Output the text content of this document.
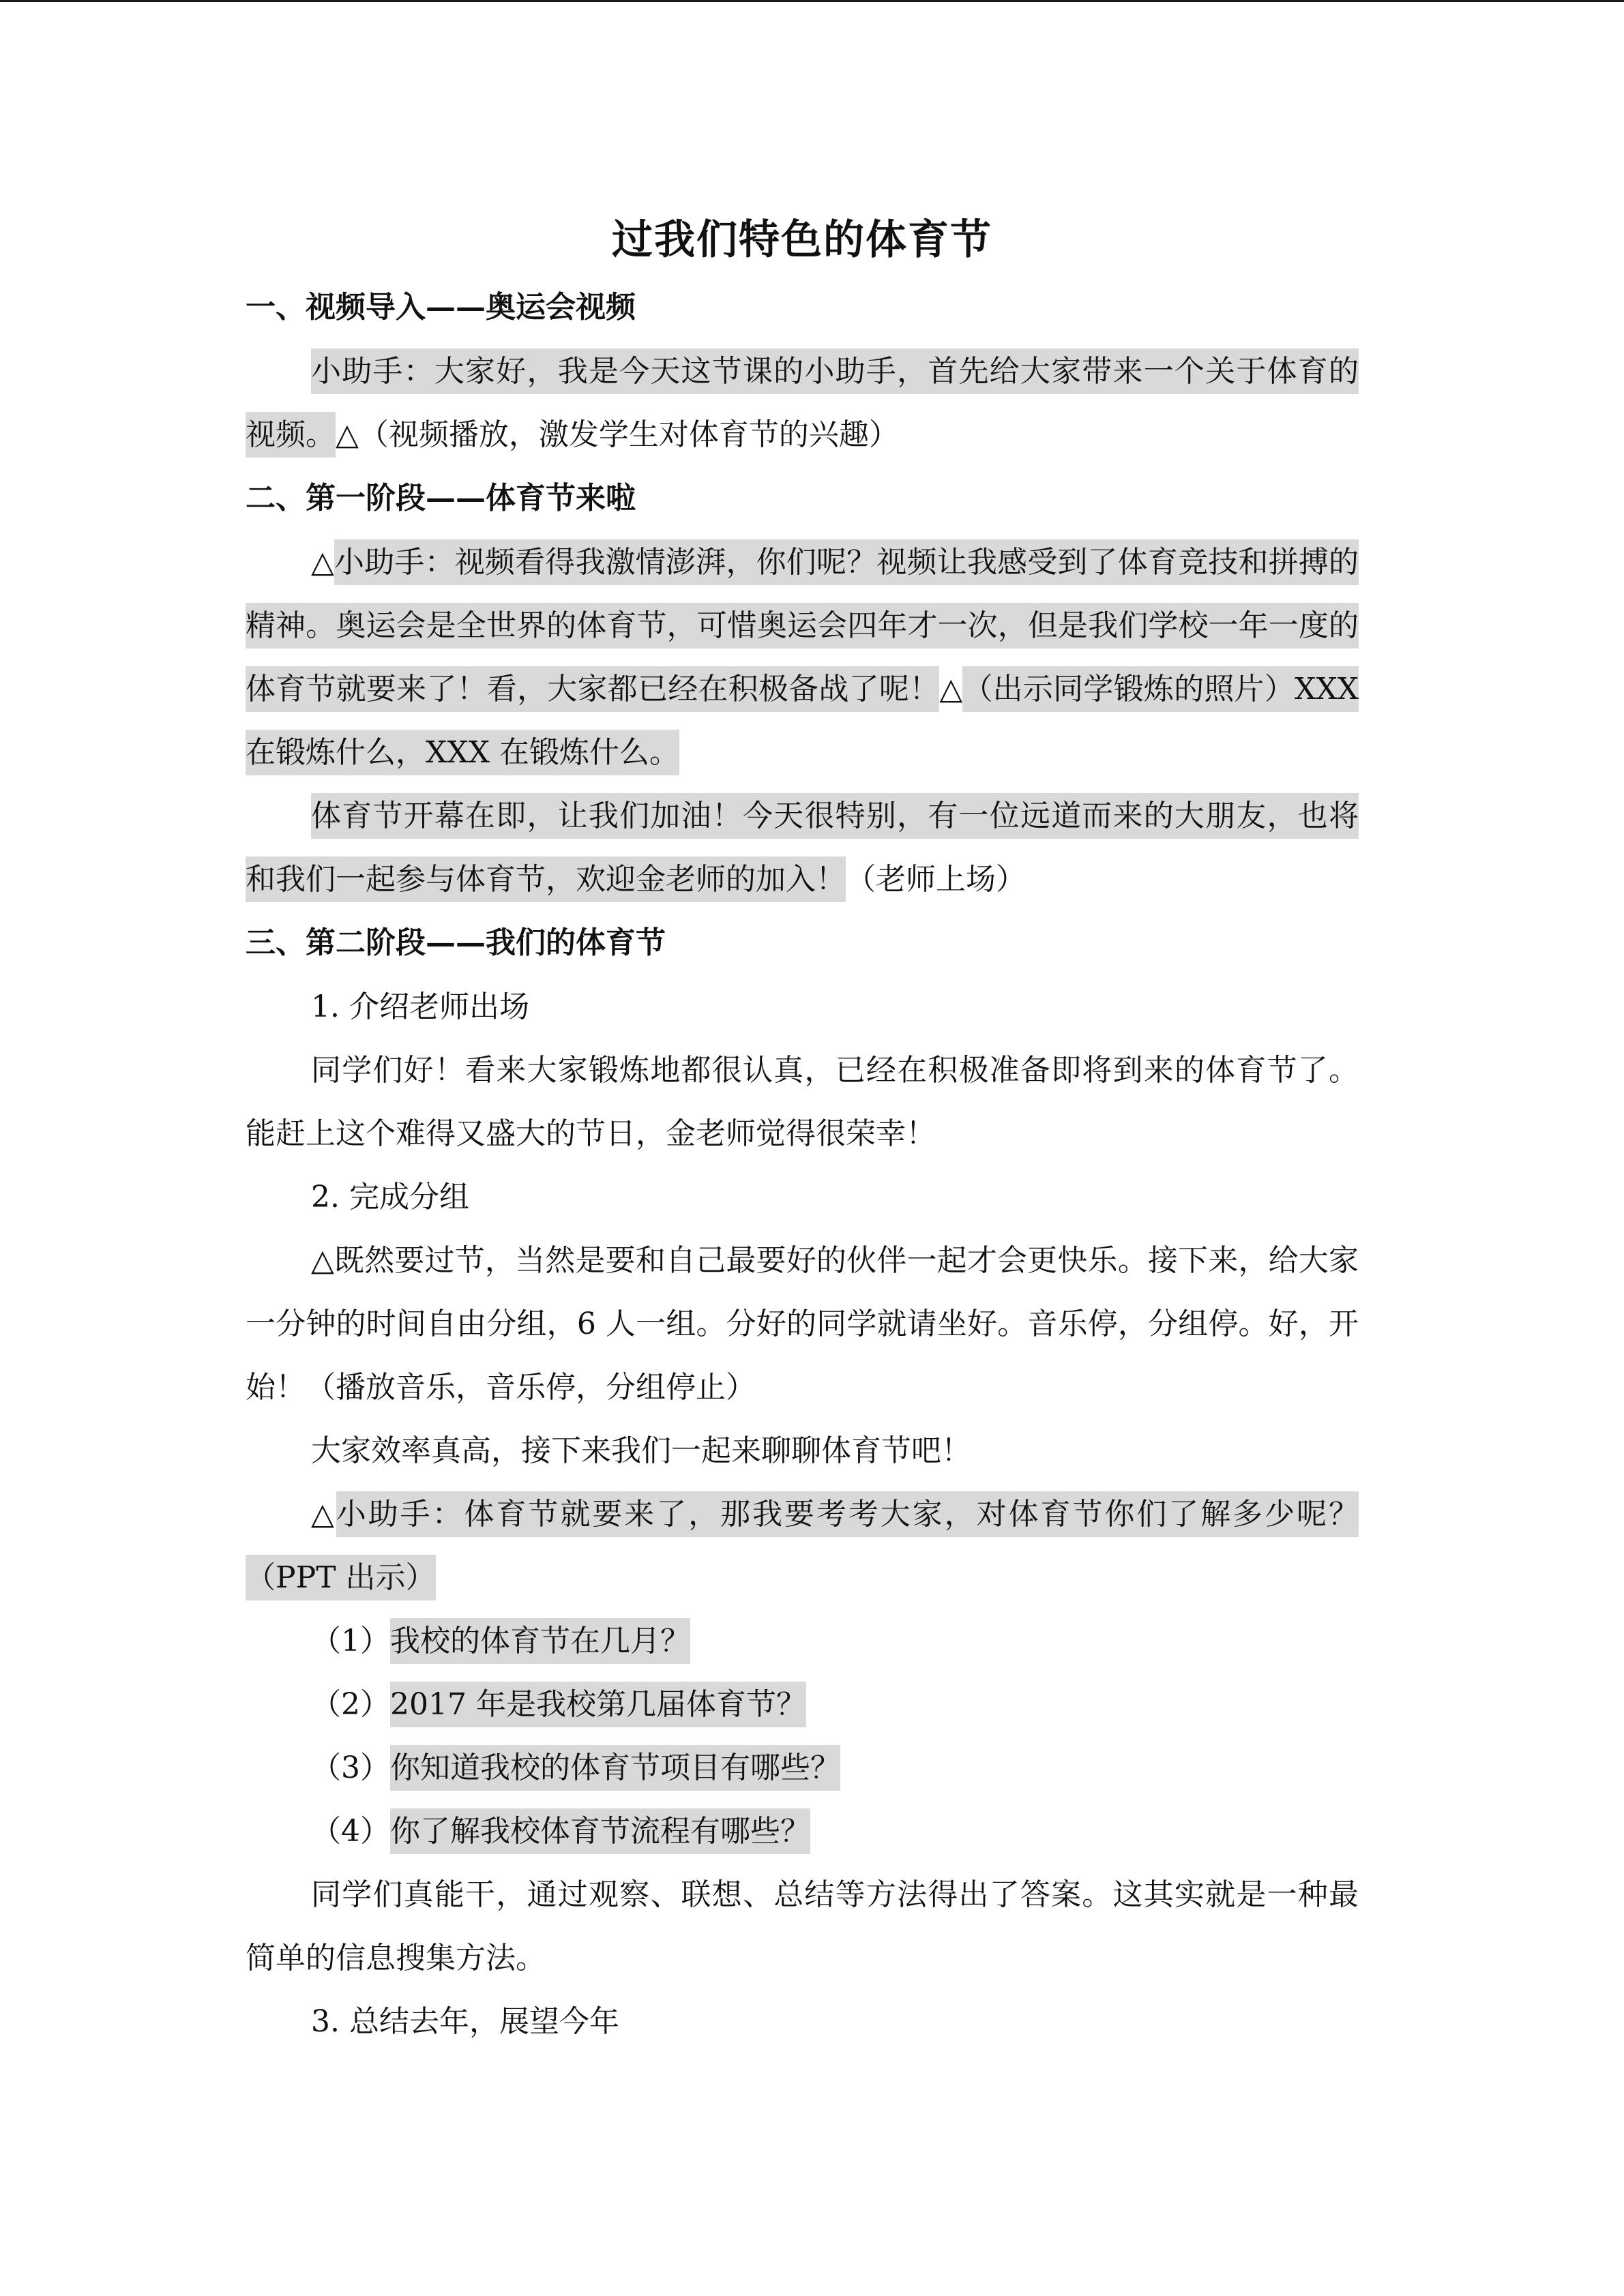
过我们特色的体育节
一、视频导入——奥运会视频

小助手：大家好，我是今天这节课的小助手，首先给大家带来一个关于体育的视频。△（视频播放，激发学生对体育节的兴趣）

二、第一阶段——体育节来啦

△小助手：视频看得我激情澎湃，你们呢？视频让我感受到了体育竞技和拼搏的精神。奥运会是全世界的体育节，可惜奥运会四年才一次，但是我们学校一年一度的体育节就要来了！看，大家都已经在积极备战了呢！△（出示同学锻炼的照片）XXX 在锻炼什么，XXX 在锻炼什么。

体育节开幕在即，让我们加油！今天很特别，有一位远道而来的大朋友，也将和我们一起参与体育节，欢迎金老师的加入！（老师上场）

三、第二阶段——我们的体育节

1. 介绍老师出场

同学们好！看来大家锻炼地都很认真，已经在积极准备即将到来的体育节了。能赶上这个难得又盛大的节日，金老师觉得很荣幸！

2. 完成分组

△既然要过节，当然是要和自己最要好的伙伴一起才会更快乐。接下来，给大家一分钟的时间自由分组，6 人一组。分好的同学就请坐好。音乐停，分组停。好，开始！（播放音乐，音乐停，分组停止）

大家效率真高，接下来我们一起来聊聊体育节吧！

△小助手：体育节就要来了，那我要考考大家，对体育节你们了解多少呢？（PPT 出示）

（1）我校的体育节在几月？

（2）2017 年是我校第几届体育节？

（3）你知道我校的体育节项目有哪些？

（4）你了解我校体育节流程有哪些？

同学们真能干，通过观察、联想、总结等方法得出了答案。这其实就是一种最简单的信息搜集方法。

3. 总结去年，展望今年
